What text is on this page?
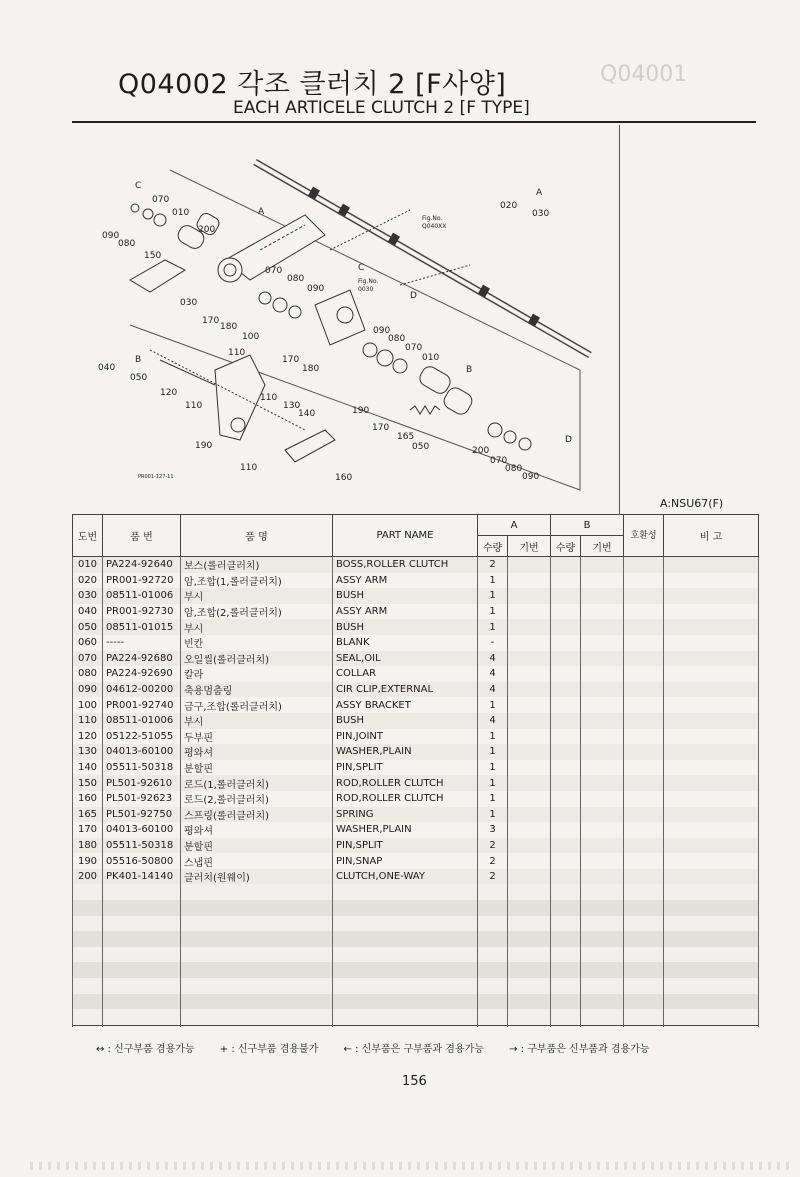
Q04001
Q04002 각조 클러치 2 [F사양]
EACH ARTICELE CLUTCH 2 [F TYPE]
C
070
010
090
080
200
A
150
030
070
080
090
170
180
100
110
040
B
050
120
110
170
180
110
130
140
190
110
160
090
080
070
010
B
190
170
165
050	200
070
080
090
D
D
C
020
A
030
Fig.No.
Q040XX
Fig.No.
0030
PR001-127-11
A:NSU67(F)
도번	품 번	품 명	PART NAME	A		B		호환성	비 고
				수량	기번	수량	기번		
010	PA224-92640	보스(롤러클러치)	BOSS,ROLLER CLUTCH	2					
020	PR001-92720	암,조합(1,롤러클러치)	ASSY ARM	1					
030	08511-01006	부시	BUSH	1					
040	PR001-92730	암,조합(2,롤러클러치)	ASSY ARM	1					
050	08511-01015	부시	BUSH	1					
060	-----	빈칸	BLANK	-					
070	PA224-92680	오일씰(롤러클러치)	SEAL,OIL	4					
080	PA224-92690	칼라	COLLAR	4					
090	04612-00200	축용멈춤링	CIR CLIP,EXTERNAL	4					
100	PR001-92740	금구,조합(롤러클러치)	ASSY BRACKET	1					
110	08511-01006	부시	BUSH	4					
120	05122-51055	두부핀	PIN,JOINT	1					
130	04013-60100	평와셔	WASHER,PLAIN	1					
140	05511-50318	분할핀	PIN,SPLIT	1					
150	PL501-92610	로드(1,롤러클러치)	ROD,ROLLER CLUTCH	1					
160	PL501-92623	로드(2,롤러클러치)	ROD,ROLLER CLUTCH	1					
165	PL501-92750	스프링(롤러클러치)	SPRING	1					
170	04013-60100	평와셔	WASHER,PLAIN	3					
180	05511-50318	분할핀	PIN,SPLIT	2					
190	05516-50800	스냅핀	PIN,SNAP	2					
200	PK401-14140	클러치(원웨이)	CLUTCH,ONE-WAY	2					

↔ : 신구부품 겸용가능	+ : 신구부품 겸용불가	← : 신부품은 구부품과 겸용가능	→ : 구부품은 신부품과 겸용가능
156
